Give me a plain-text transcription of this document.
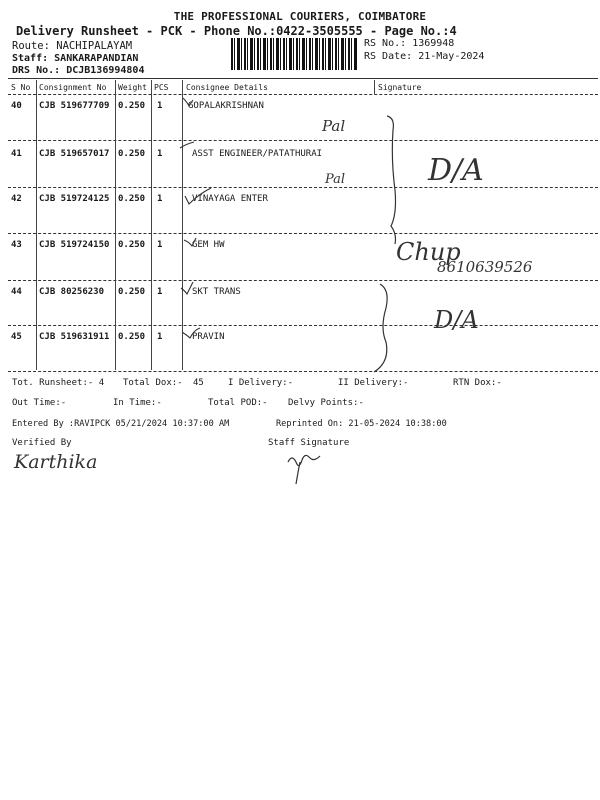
THE PROFESSIONAL COURIERS, COIMBATORE
Delivery Runsheet - PCK - Phone No.:0422-3505555 - Page No.:4
Route: NACHIPALAYAM
Staff: SANKARAPANDIAN
DRS No.: DCJB136994804
RS No.: 1369948
RS Date: 21-May-2024
S No Consignment No Weight PCS Consignee Details	Signature
40 CJB 519677709 0.250 1	GOPALAKRISHNAN
41 CJB 519657017 0.250 1	ASST ENGINEER/PATATHURAI
42 CJB 519724125 0.250 1	VINAYAGA ENTER
43 CJB 519724150 0.250 1	GEM HW
44 CJB 80256230 0.250 1	SKT TRANS
45 CJB 519631911 0.250 1	PRAVIN
Tot. Runsheet:- 4 Total Dox:- 45	I Delivery:-	II Delivery:-	RTN Dox:-
Out Time:-	In Time:-	Total POD:- Delvy Points:-
Entered By :RAVIPCK 05/21/2024 10:37:00 AM	Reprinted On: 21-05-2024 10:38:00
Verified By	Staff Signature
Pal
Pal	D/A
Chup
8610639526
D/A
Karthika
